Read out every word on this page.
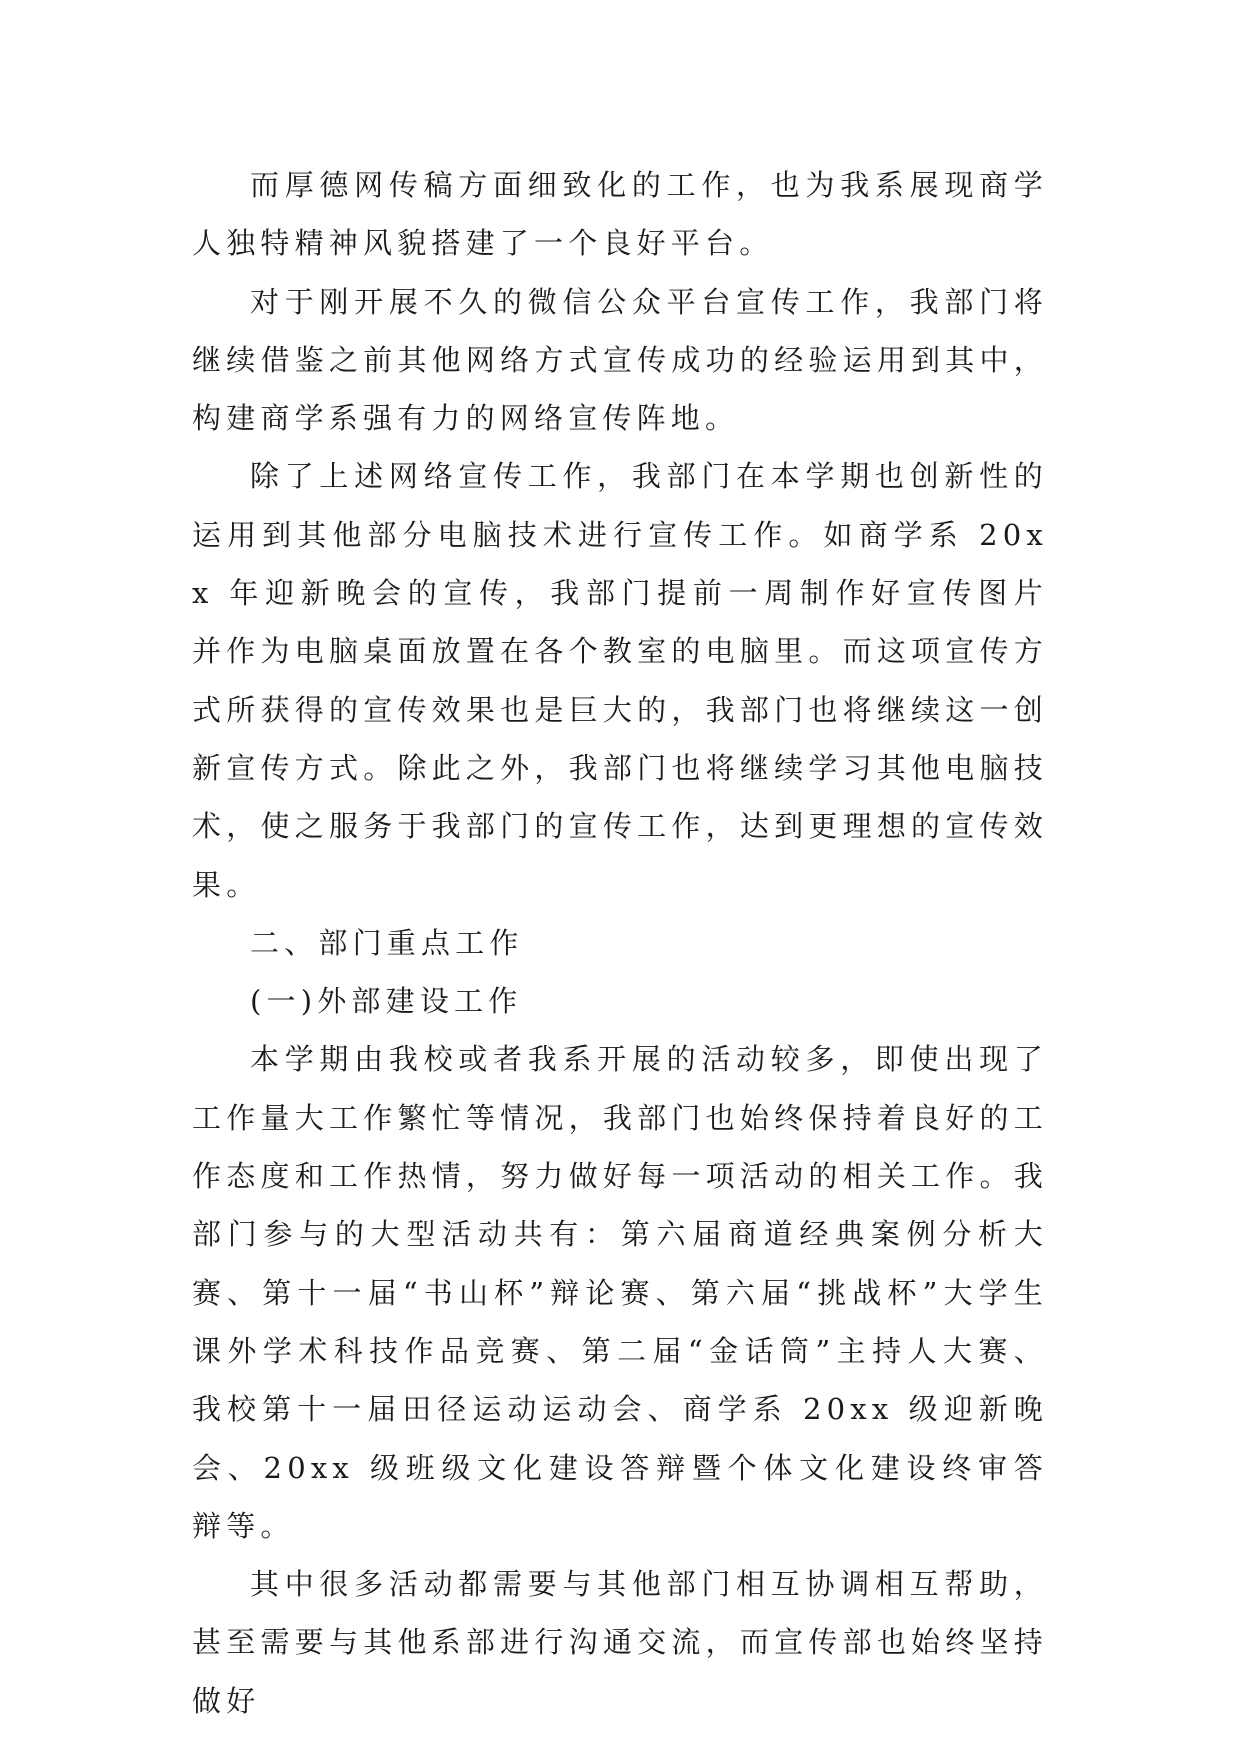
而厚德网传稿方面细致化的工作，也为我系展现商学人独特精神风貌搭建了一个良好平台。

对于刚开展不久的微信公众平台宣传工作，我部门将继续借鉴之前其他网络方式宣传成功的经验运用到其中，构建商学系强有力的网络宣传阵地。

除了上述网络宣传工作，我部门在本学期也创新性的运用到其他部分电脑技术进行宣传工作。如商学系 20xx 年迎新晚会的宣传，我部门提前一周制作好宣传图片并作为电脑桌面放置在各个教室的电脑里。而这项宣传方式所获得的宣传效果也是巨大的，我部门也将继续这一创新宣传方式。除此之外，我部门也将继续学习其他电脑技术，使之服务于我部门的宣传工作，达到更理想的宣传效果。

二、部门重点工作

(一)外部建设工作

本学期由我校或者我系开展的活动较多，即使出现了工作量大工作繁忙等情况，我部门也始终保持着良好的工作态度和工作热情，努力做好每一项活动的相关工作。我部门参与的大型活动共有：第六届商道经典案例分析大赛、第十一届“书山杯”辩论赛、第六届“挑战杯”大学生课外学术科技作品竞赛、第二届“金话筒”主持人大赛、我校第十一届田径运动运动会、商学系 20xx 级迎新晚会、20xx 级班级文化建设答辩暨个体文化建设终审答辩等。

其中很多活动都需要与其他部门相互协调相互帮助，甚至需要与其他系部进行沟通交流，而宣传部也始终坚持做好
